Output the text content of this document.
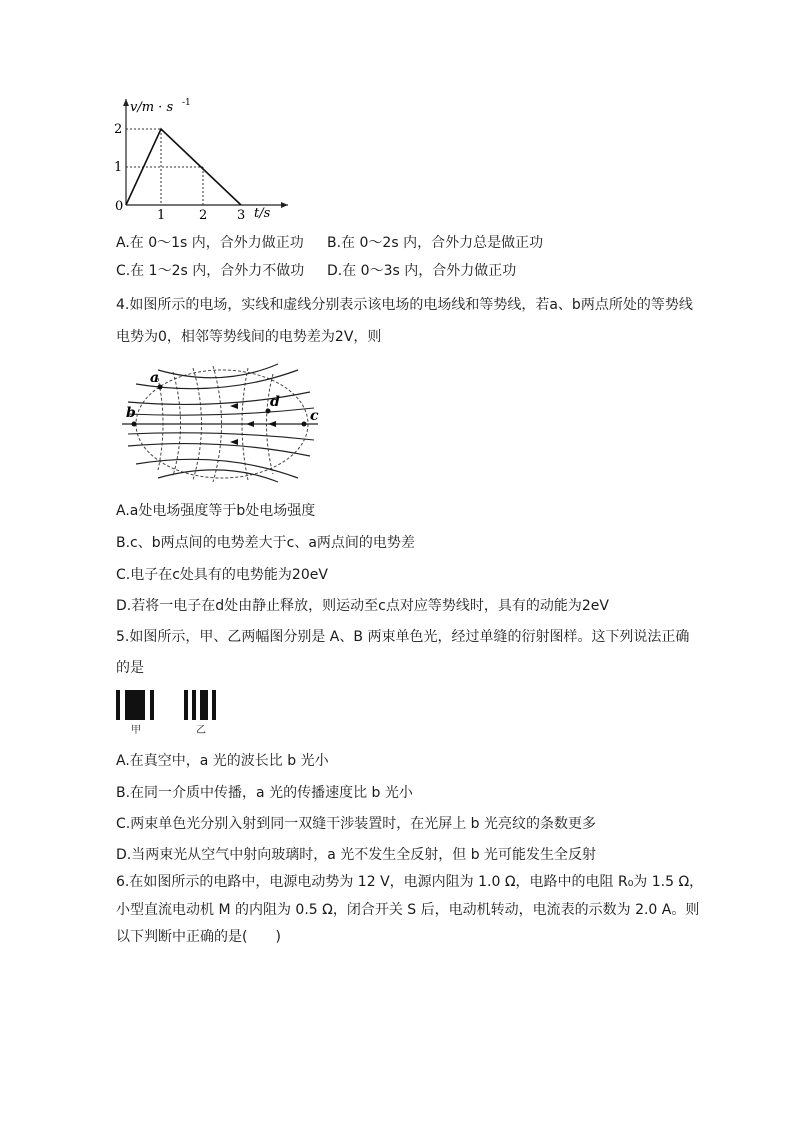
v/m · s -1
t/s
0
1
2
1	2 3
A.在 0～1s 内，合外力做正功 B.在 0～2s 内，合外力总是做正功
C.在 1～2s 内，合外力不做功 D.在 0～3s 内，合外力做正功
4.如图所示的电场，实线和虚线分别表示该电场的电场线和等势线，若a、b两点所处的等势线
电势为0，相邻等势线间的电势差为2V，则
a
b	c
d
A.a处电场强度等于b处电场强度
B.c、b两点间的电势差大于c、a两点间的电势差
C.电子在c处具有的电势能为20eV
D.若将一电子在d处由静止释放，则运动至c点对应等势线时，具有的动能为2eV
5.如图所示，甲、乙两幅图分别是 A、B 两束单色光，经过单缝的衍射图样。这下列说法正确
的是
甲	乙
A.在真空中，a 光的波长比 b 光小
B.在同一介质中传播，a 光的传播速度比 b 光小
C.两束单色光分别入射到同一双缝干涉装置时，在光屏上 b 光亮纹的条数更多
D.当两束光从空气中射向玻璃时，a 光不发生全反射，但 b 光可能发生全反射
6.在如图所示的电路中，电源电动势为 12 V，电源内阻为 1.0 Ω，电路中的电阻 R₀为 1.5 Ω，
小型直流电动机 M 的内阻为 0.5 Ω，闭合开关 S 后，电动机转动，电流表的示数为 2.0 A。则
以下判断中正确的是(　　)
